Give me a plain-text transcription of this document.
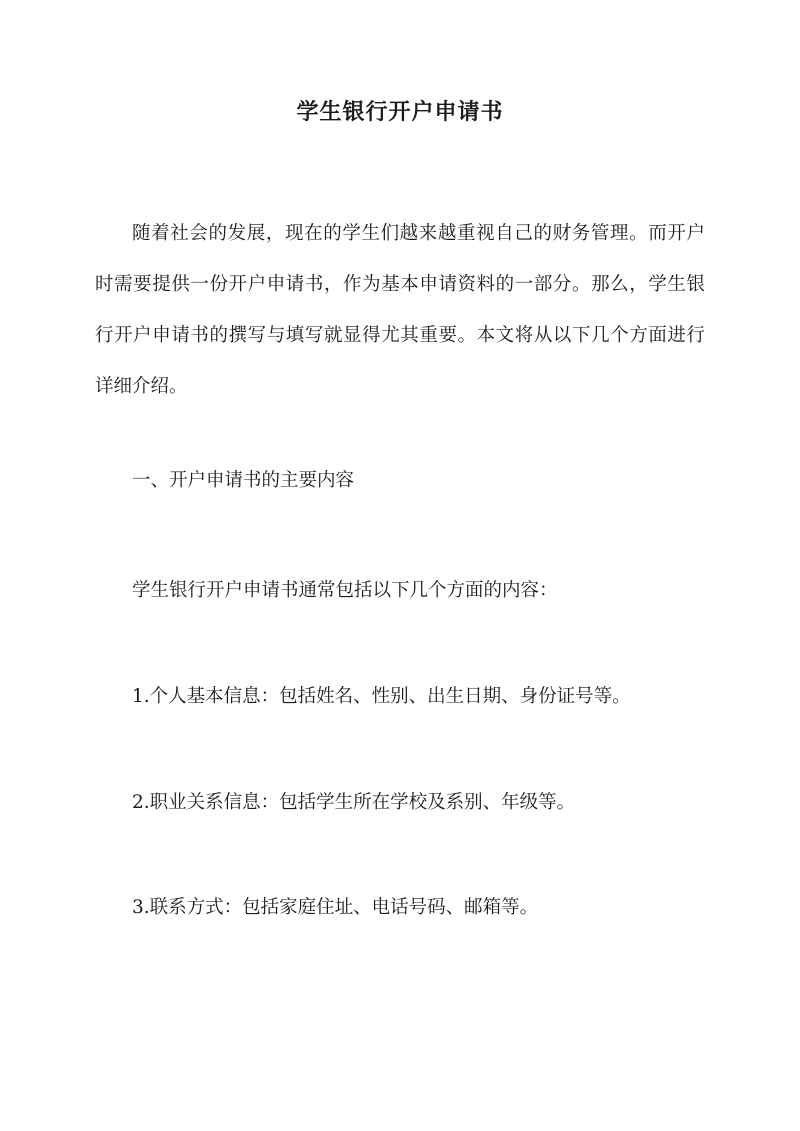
学生银行开户申请书

随着社会的发展，现在的学生们越来越重视自己的财务管理。而开户时需要提供一份开户申请书，作为基本申请资料的一部分。那么，学生银行开户申请书的撰写与填写就显得尤其重要。本文将从以下几个方面进行详细介绍。

一、开户申请书的主要内容

学生银行开户申请书通常包括以下几个方面的内容：

1.个人基本信息：包括姓名、性别、出生日期、身份证号等。

2.职业关系信息：包括学生所在学校及系别、年级等。

3.联系方式：包括家庭住址、电话号码、邮箱等。
